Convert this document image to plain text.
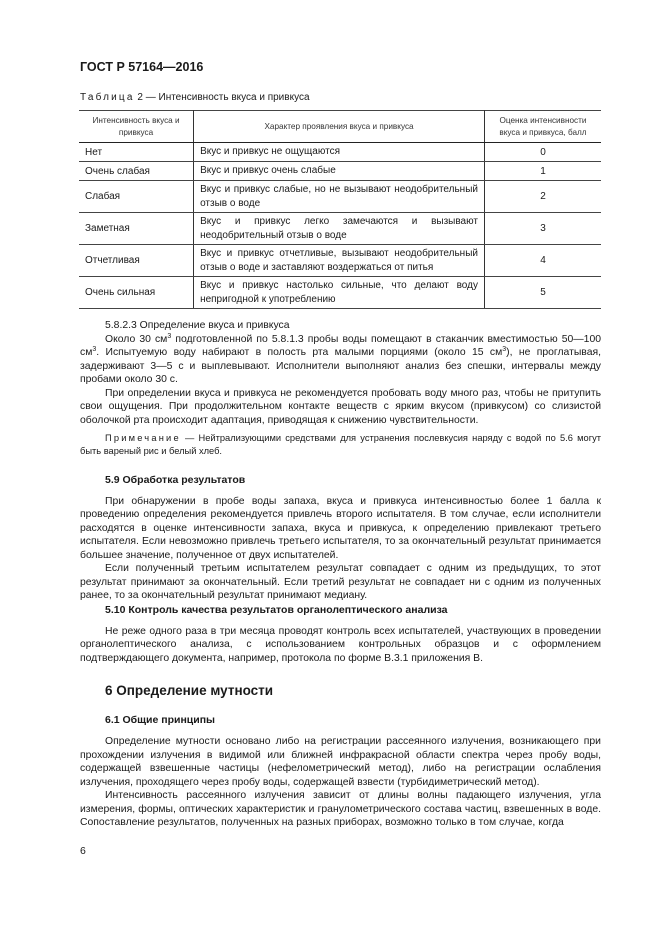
ГОСТ Р 57164—2016
Таблица 2 — Интенсивность вкуса и привкуса
Интенсивность вкуса и привкуса	Характер проявления вкуса и привкуса	Оценка интенсивности вкуса и привкуса, балл
Нет	Вкус и привкус не ощущаются	0
Очень слабая	Вкус и привкус очень слабые	1
Слабая	Вкус и привкус слабые, но не вызывают неодобрительный отзыв о воде	2
Заметная	Вкус и привкус легко замечаются и вызывают неодобрительный отзыв о воде	3
Отчетливая	Вкус и привкус отчетливые, вызывают неодобрительный отзыв о воде и заставляют воздержаться от питья	4
Очень сильная	Вкус и привкус настолько сильные, что делают воду непригодной к употреблению	5

5.8.2.3 Определение вкуса и привкуса

Около 30 $см^3$ подготовленной по 5.8.1.3 пробы воды помещают в стаканчик вместимостью 50—100 $см^3$. Испытуемую воду набирают в полость рта малыми порциями (около 15 $см^3$), не проглатывая, задерживают 3—5 с и выплевывают. Исполнители выполняют анализ без спешки, интервалы между пробами около 30 с.

При определении вкуса и привкуса не рекомендуется пробовать воду много раз, чтобы не притупить свои ощущения. При продолжительном контакте веществ с ярким вкусом (привкусом) со слизистой оболочкой рта происходит адаптация, приводящая к снижению чувствительности.

Примечание — Нейтрализующими средствами для устранения послевкусия наряду с водой по 5.6 могут быть вареный рис и белый хлеб.

5.9 Обработка результатов

При обнаружении в пробе воды запаха, вкуса и привкуса интенсивностью более 1 балла к проведению определения рекомендуется привлечь второго испытателя. В том случае, если исполнители расходятся в оценке интенсивности запаха, вкуса и привкуса, к определению привлекают третьего испытателя. Если невозможно привлечь третьего испытателя, то за окончательный результат принимается большее значение, полученное от двух испытателей.

Если полученный третьим испытателем результат совпадает с одним из предыдущих, то этот результат принимают за окончательный. Если третий результат не совпадает ни с одним из полученных ранее, то за окончательный результат принимают медиану.

5.10 Контроль качества результатов органолептического анализа

Не реже одного раза в три месяца проводят контроль всех испытателей, участвующих в проведении органолептического анализа, с использованием контрольных образцов и с оформлением подтверждающего документа, например, протокола по форме В.3.1 приложения В.

6 Определение мутности

6.1 Общие принципы

Определение мутности основано либо на регистрации рассеянного излучения, возникающего при прохождении излучения в видимой или ближней инфракрасной области спектра через пробу воды, содержащей взвешенные частицы (нефелометрический метод), либо на регистрации ослабления излучения, проходящего через пробу воды, содержащей взвести (турбидиметрический метод).

Интенсивность рассеянного излучения зависит от длины волны падающего излучения, угла измерения, формы, оптических характеристик и гранулометрического состава частиц, взвешенных в воде. Сопоставление результатов, полученных на разных приборах, возможно только в том случае, когда

6
